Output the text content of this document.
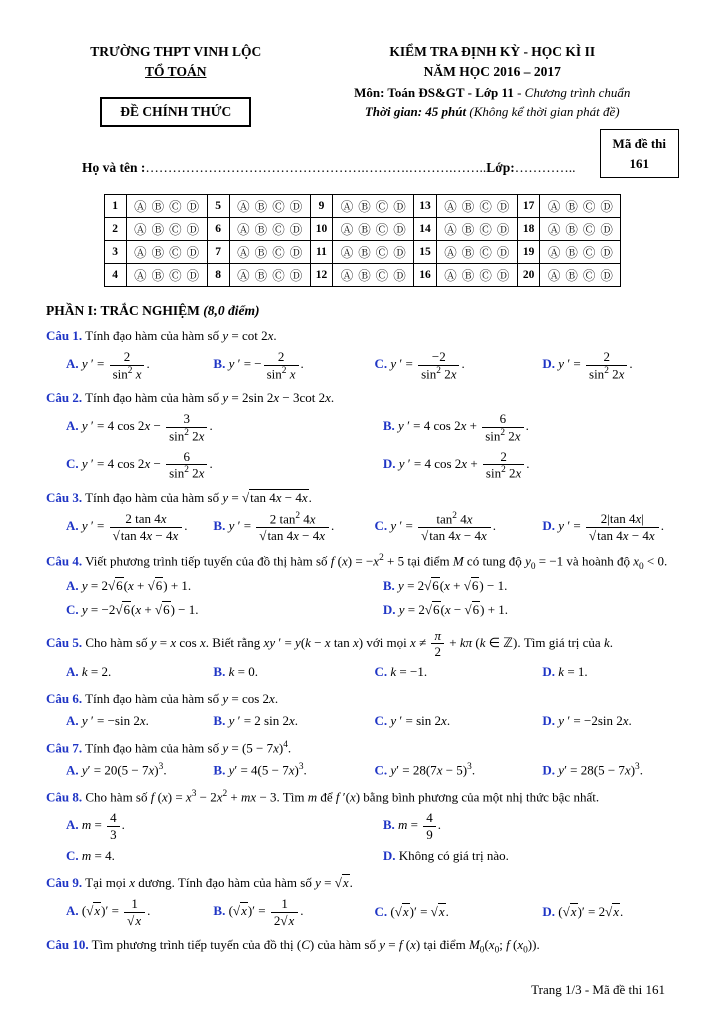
TRƯỜNG THPT VINH LỘC
TỔ TOÁN
ĐỀ CHÍNH THỨC
KIỂM TRA ĐỊNH KỲ - HỌC KÌ II
NĂM HỌC 2016 – 2017
Môn: Toán ĐS&GT - Lớp 11 - Chương trình chuẩn
Thời gian: 45 phút (Không kể thời gian phát đề)
Họ và tên :………………………………………….……….……….……..Lớp:…………..
Mã đề thi
161
1	Ⓐ Ⓑ Ⓒ Ⓓ	5	Ⓐ Ⓑ Ⓒ Ⓓ	9	Ⓐ Ⓑ Ⓒ Ⓓ	13	Ⓐ Ⓑ Ⓒ Ⓓ	17	Ⓐ Ⓑ Ⓒ Ⓓ
2	Ⓐ Ⓑ Ⓒ Ⓓ	6	Ⓐ Ⓑ Ⓒ Ⓓ	10	Ⓐ Ⓑ Ⓒ Ⓓ	14	Ⓐ Ⓑ Ⓒ Ⓓ	18	Ⓐ Ⓑ Ⓒ Ⓓ
3	Ⓐ Ⓑ Ⓒ Ⓓ	7	Ⓐ Ⓑ Ⓒ Ⓓ	11	Ⓐ Ⓑ Ⓒ Ⓓ	15	Ⓐ Ⓑ Ⓒ Ⓓ	19	Ⓐ Ⓑ Ⓒ Ⓓ
4	Ⓐ Ⓑ Ⓒ Ⓓ	8	Ⓐ Ⓑ Ⓒ Ⓓ	12	Ⓐ Ⓑ Ⓒ Ⓓ	16	Ⓐ Ⓑ Ⓒ Ⓓ	20	Ⓐ Ⓑ Ⓒ Ⓓ
PHẦN I: TRẮC NGHIỆM (8,0 điểm)
Câu 1. Tính đạo hàm của hàm số y = cot 2x.
A. y ′ = $\frac{2}{\sin^2 x}$ .	B. y ′ = − $\frac{2}{\sin^2 x}$ .	C. y ′ = $\frac{-2}{\sin^2 2x}$ .	D. y ′ = $\frac{2}{\sin^2 2x}$ .
Câu 2. Tính đạo hàm của hàm số y = 2sin 2x − 3cot 2x.
A. y ′ = 4 $\cos 2x - \frac{3}{\sin^2 2x}$ .	B. y ′ = 4 $\cos 2x + \frac{6}{\sin^2 2x}$ .
C. y ′ = 4 $\cos 2x - \frac{6}{\sin^2 2x}$ .	D. y ′ = 4 $\cos 2x + \frac{2}{\sin^2 2x}$ .
Câu 3. Tính đạo hàm của hàm số y = √tan 4x − 4x.
A. y ′ = $\frac{2 \tan 4x}{√\tan 4x - 4x}$ .	B. y ′ = $\frac{2 \tan^2 4x}{√\tan 4x - 4x}$ .	C. y ′ = $\frac{\tan^2 4x}{√\tan 4x - 4x}$ .	D. y ′ = $\frac{2|\tan 4x|}{√\tan 4x - 4x}$ .
Câu 4. Viết phương trình tiếp tuyến của đồ thị hàm số f $(x) = -x^2 + 5$ tại điểm M có tung độ $y_0 = -1$ và hoành độ $x_0 < 0$.
A. y = 2√6(x + √6) + 1.	B. y = 2√6(x + √6) − 1.
C. y = −2√6(x + √6) − 1.	D. y = 2√6(x − √6) + 1.
Câu 5. Cho hàm số y = x cos x. Biết rằng xy ′ = y(k − x tan x) với mọi $x \ne \frac{\pi}{2} + k\pi$ (k ∈ ℤ). Tìm giá trị của k.
A. k = 2.	B. k = 0.	C. k = −1.	D. k = 1.
Câu 6. Tính đạo hàm của hàm số y = cos 2x.
A. y ′ = −sin 2x.	B. y ′ = 2 sin 2x.	C. y ′ = sin 2x.	D. y ′ = −2sin 2x.
Câu 7. Tính đạo hàm của hàm số $y = (5 - 7x)^4$.
A. $y' = 20(5 - 7x)^3$.	B. $y' = 4(5 - 7x)^3$.	C. $y' = 28(7x - 5)^3$.	D. $y' = 28(5 - 7x)^3$.
Câu 8. Cho hàm số f $(x) = x^3 - 2x^2$ + mx − 3. Tìm m để f ′(x) bằng bình phương của một nhị thức bậc nhất.
A. $m = \frac{4}{3}$ .	B. $m = \frac{4}{9}$ .
C. m = 4.	D. Không có giá trị nào.
Câu 9. Tại mọi x dương. Tính đạo hàm của hàm số y = √x.
A. $(√x)' = \frac{1}{√x}$ .	B. $(√x)' = \frac{1}{2√x}$ .	C. (√x)′ = √x.	D. (√x)′ = 2√x.
Câu 10. Tìm phương trình tiếp tuyến của đồ thị (C) của hàm số y = f (x) tại điểm $M_0(x_0$; f $(x_0)$).
Trang 1/3 - Mã đề thi 161
